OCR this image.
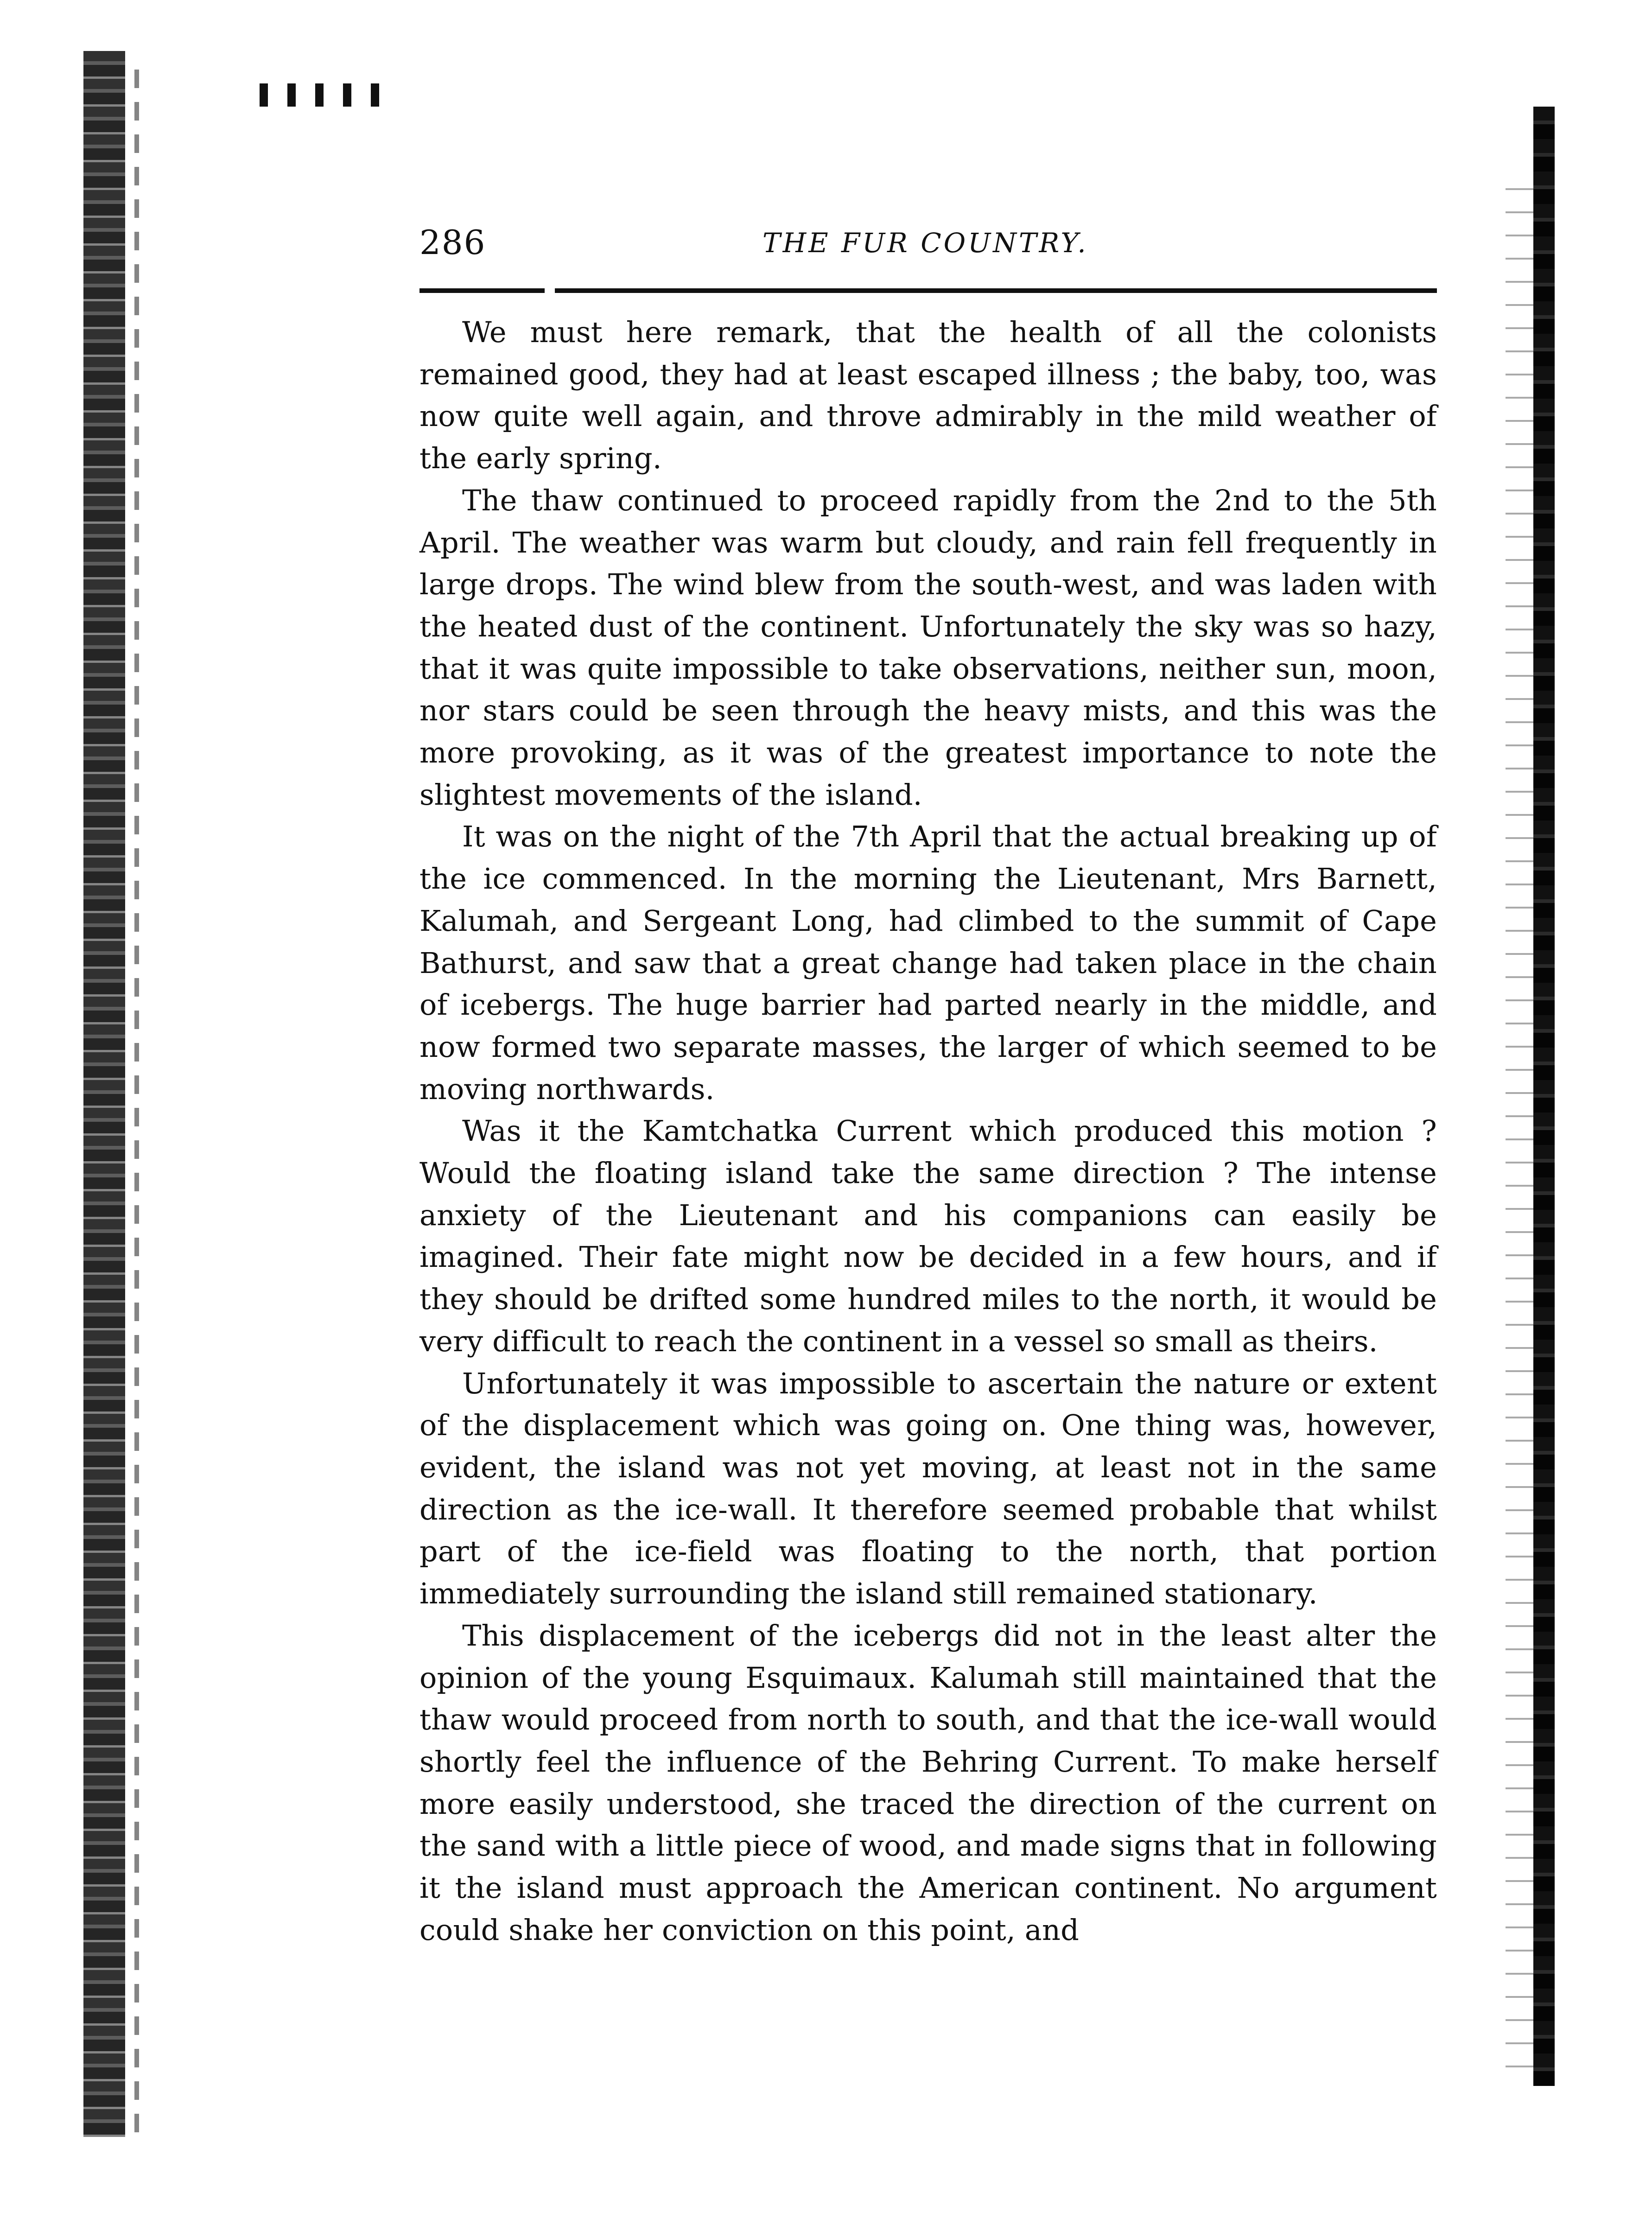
286	THE FUR COUNTRY.

We must here remark, that the health of all the colonists remained good, they had at least escaped illness ; the baby, too, was now quite well again, and throve admirably in the mild weather of the early spring.

The thaw continued to proceed rapidly from the 2nd to the 5th April. The weather was warm but cloudy, and rain fell frequently in large drops. The wind blew from the south-west, and was laden with the heated dust of the continent. Unfortunately the sky was so hazy, that it was quite impossible to take observations, neither sun, moon, nor stars could be seen through the heavy mists, and this was the more provoking, as it was of the greatest importance to note the slightest movements of the island.

It was on the night of the 7th April that the actual breaking up of the ice commenced. In the morning the Lieutenant, Mrs Barnett, Kalumah, and Sergeant Long, had climbed to the summit of Cape Bathurst, and saw that a great change had taken place in the chain of icebergs. The huge barrier had parted nearly in the middle, and now formed two separate masses, the larger of which seemed to be moving northwards.

Was it the Kamtchatka Current which produced this motion ? Would the floating island take the same direction ? The intense anxiety of the Lieutenant and his companions can easily be imagined. Their fate might now be decided in a few hours, and if they should be drifted some hundred miles to the north, it would be very difficult to reach the continent in a vessel so small as theirs.

Unfortunately it was impossible to ascertain the nature or extent of the displacement which was going on. One thing was, however, evident, the island was not yet moving, at least not in the same direction as the ice-wall. It therefore seemed probable that whilst part of the ice-field was floating to the north, that portion immediately surrounding the island still remained stationary.

This displacement of the icebergs did not in the least alter the opinion of the young Esquimaux. Kalumah still maintained that the thaw would proceed from north to south, and that the ice-wall would shortly feel the influence of the Behring Current. To make herself more easily understood, she traced the direction of the current on the sand with a little piece of wood, and made signs that in following it the island must approach the American continent. No argument could shake her conviction on this point, and
